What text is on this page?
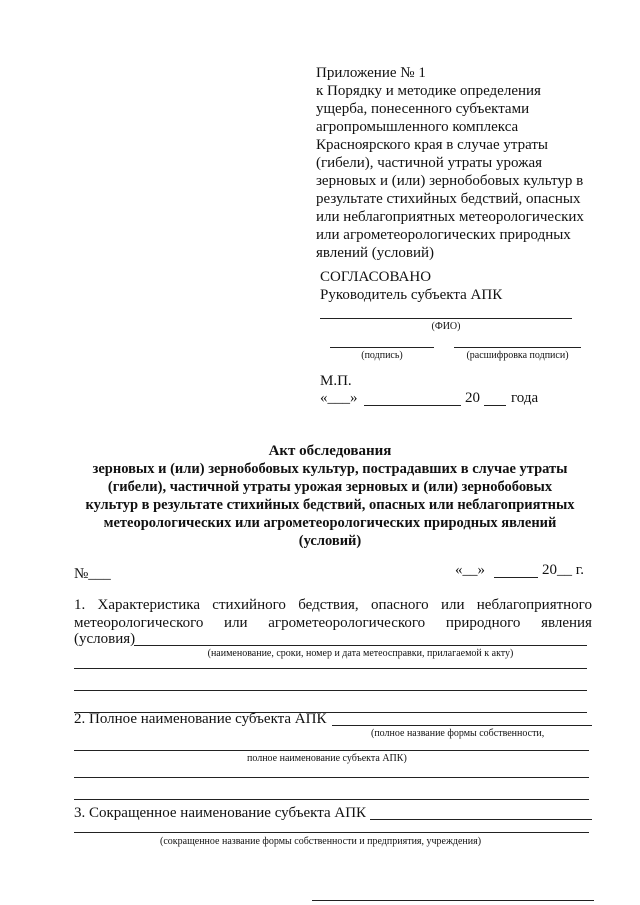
Приложение № 1
к Порядку и методике определения
ущерба, понесенного субъектами
агропромышленного комплекса
Красноярского края в случае утраты
(гибели), частичной утраты урожая
зерновых и (или) зернобобовых культур в
результате стихийных бедствий, опасных
или неблагоприятных метеорологических
или агрометеорологических природных
явлений (условий)
СОГЛАСОВАНО
Руководитель субъекта АПК
(ФИО)
(подпись)	(расшифровка подписи)
М.П.
«___»	20 года
Акт обследования
зерновых и (или) зернобобовых культур, пострадавших в случае утраты
(гибели), частичной утраты урожая зерновых и (или) зернобобовых
культур в результате стихийных бедствий, опасных или неблагоприятных
метеорологических или агрометеорологических природных явлений
(условий)
№___	«__»	20__ г.
1. Характеристика стихийного бедствия, опасного или неблагоприятного
метеорологического или агрометеорологического природного явления
(условия)
(наименование, сроки, номер и дата метеосправки, прилагаемой к акту)
2. Полное наименование субъекта АПК
(полное название формы собственности,
полное наименование субъекта АПК)
3. Сокращенное наименование субъекта АПК
(сокращенное название формы собственности и предприятия, учреждения)
